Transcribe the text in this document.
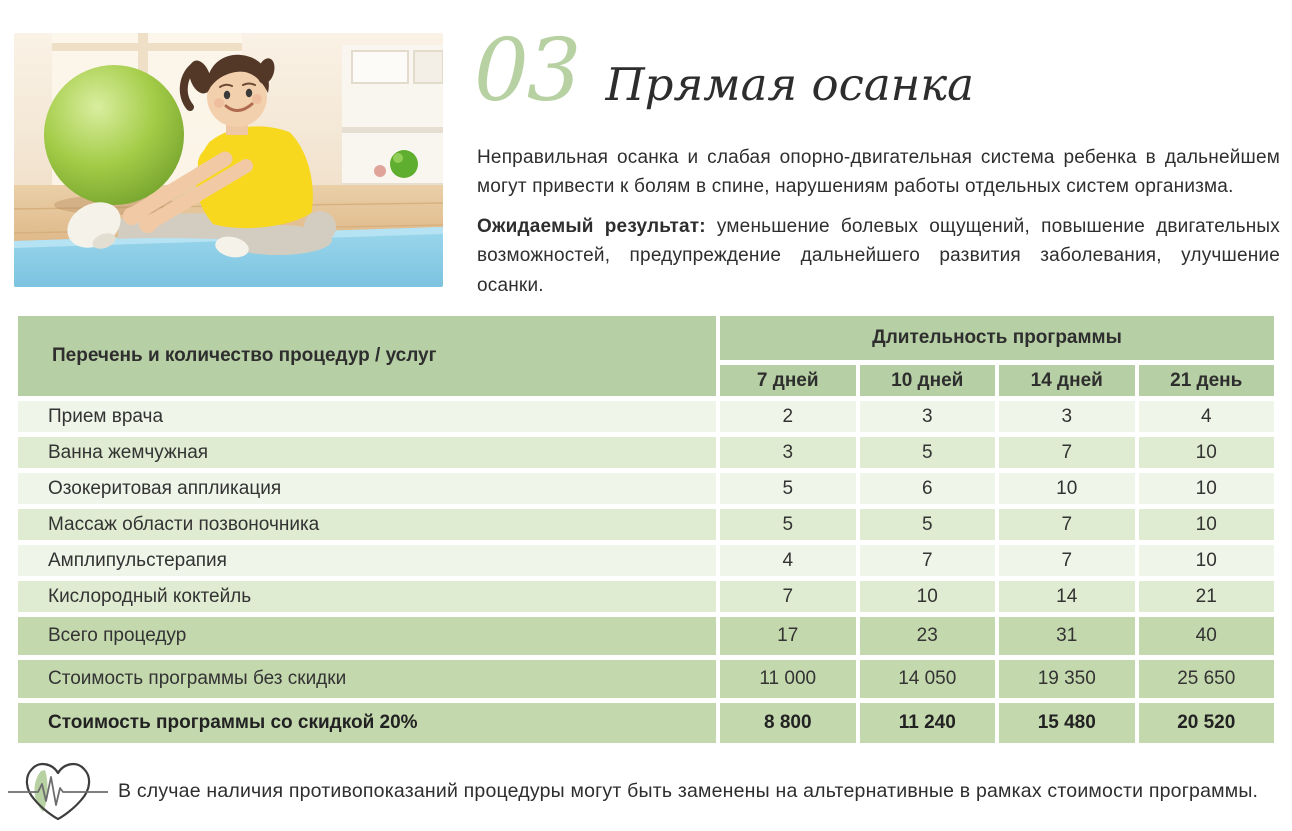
03 Прямая осанка

Неправильная осанка и слабая опорно-двигательная система ребенка в дальнейшем могут привести к болям в спине, нарушениям работы отдельных систем организма.

Ожидаемый результат: уменьшение болевых ощущений, повышение двигательных возможностей, предупреждение дальнейшего развития заболевания, улучшение осанки.

Перечень и количество процедур / услуг	Длительность программы			
	7 дней	10 дней	14 дней	21 день
Прием врача	2	3	3	4
Ванна жемчужная	3	5	7	10
Озокеритовая аппликация	5	6	10	10
Массаж области позвоночника	5	5	7	10
Амплипульстерапия	4	7	7	10
Кислородный коктейль	7	10	14	21
Всего процедур	17	23	31	40
Стоимость программы без скидки	11 000	14 050	19 350	25 650
Стоимость программы со скидкой 20%	8 800	11 240	15 480	20 520

В случае наличия противопоказаний процедуры могут быть заменены на альтернативные в рамках стоимости программы.
